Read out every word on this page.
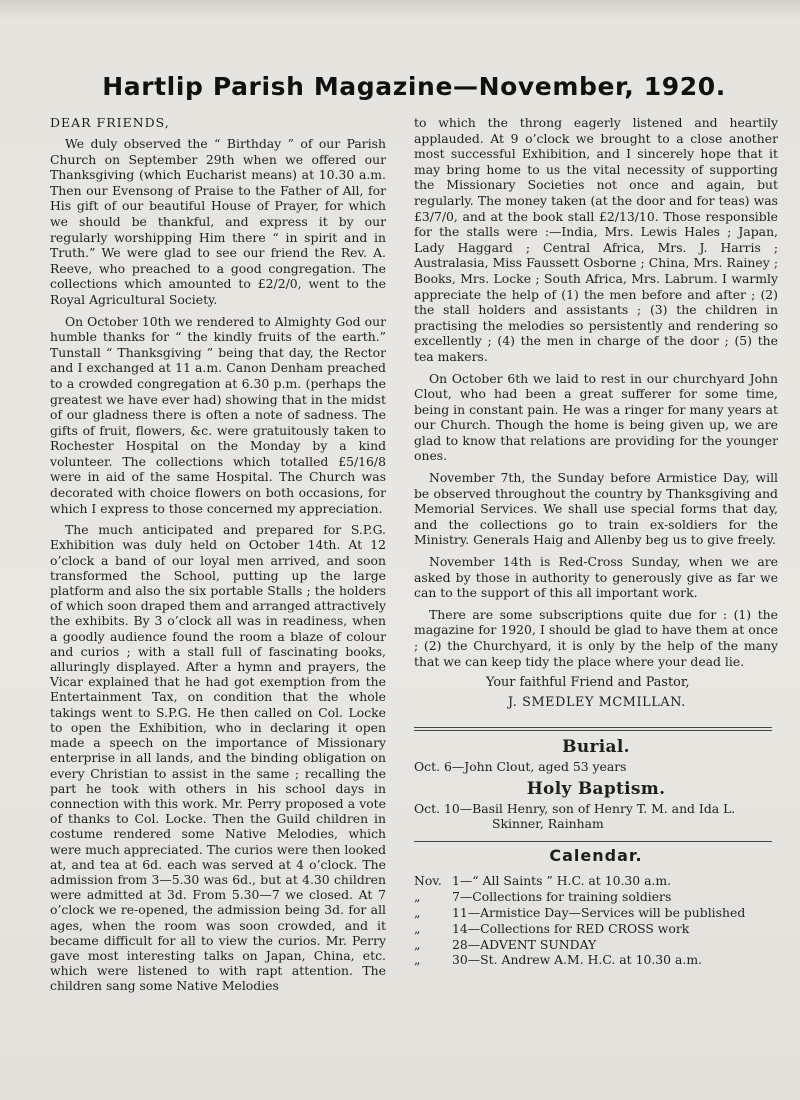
Hartlip Parish Magazine—November, 1920.
DEAR FRIENDS,

We duly observed the “ Birthday ” of our Parish Church on September 29th when we offered our Thanksgiving (which Eucharist means) at 10.30 a.m. Then our Evensong of Praise to the Father of All, for His gift of our beautiful House of Prayer, for which we should be thankful, and express it by our regularly worshipping Him there “ in spirit and in Truth.” We were glad to see our friend the Rev. A. Reeve, who preached to a good congregation. The collections which amounted to £2/2/0, went to the Royal Agricultural Society.

On October 10th we rendered to Almighty God our humble thanks for “ the kindly fruits of the earth.” Tunstall “ Thanksgiving ” being that day, the Rector and I exchanged at 11 a.m. Canon Denham preached to a crowded congregation at 6.30 p.m. (perhaps the greatest we have ever had) showing that in the midst of our gladness there is often a note of sadness. The gifts of fruit, flowers, &c. were gratuitously taken to Rochester Hospital on the Monday by a kind volunteer. The collections which totalled £5/16/8 were in aid of the same Hospital. The Church was decorated with choice flowers on both occasions, for which I express to those concerned my appreciation.

The much anticipated and prepared for S.P.G. Exhibition was duly held on October 14th. At 12 o’clock a band of our loyal men arrived, and soon transformed the School, putting up the large platform and also the six portable Stalls ; the holders of which soon draped them and arranged attractively the exhibits. By 3 o’clock all was in readiness, when a goodly audience found the room a blaze of colour and curios ; with a stall full of fascinating books, alluringly displayed. After a hymn and prayers, the Vicar explained that he had got exemption from the Entertainment Tax, on condition that the whole takings went to S.P.G. He then called on Col. Locke to open the Exhibition, who in declaring it open made a speech on the importance of Missionary enterprise in all lands, and the binding obligation on every Christian to assist in the same ; recalling the part he took with others in his school days in connection with this work. Mr. Perry proposed a vote of thanks to Col. Locke. Then the Guild children in costume rendered some Native Melodies, which were much appreciated. The curios were then looked at, and tea at 6d. each was served at 4 o’clock. The admission from 3—5.30 was 6d., but at 4.30 children were admitted at 3d. From 5.30—7 we closed. At 7 o’clock we re-opened, the admission being 3d. for all ages, when the room was soon crowded, and it became difficult for all to view the curios. Mr. Perry gave most interesting talks on Japan, China, etc. which were listened to with rapt attention. The children sang some Native Melodies

to which the throng eagerly listened and heartily applauded. At 9 o’clock we brought to a close another most successful Exhibition, and I sincerely hope that it may bring home to us the vital necessity of supporting the Missionary Societies not once and again, but regularly. The money taken (at the door and for teas) was £3/7/0, and at the book stall £2/13/10. Those responsible for the stalls were :—India, Mrs. Lewis Hales ; Japan, Lady Haggard ; Central Africa, Mrs. J. Harris ; Australasia, Miss Faussett Osborne ; China, Mrs. Rainey ; Books, Mrs. Locke ; South Africa, Mrs. Labrum. I warmly appreciate the help of (1) the men before and after ; (2) the stall holders and assistants ; (3) the children in practising the melodies so persistently and rendering so excellently ; (4) the men in charge of the door ; (5) the tea makers.

On October 6th we laid to rest in our churchyard John Clout, who had been a great sufferer for some time, being in constant pain. He was a ringer for many years at our Church. Though the home is being given up, we are glad to know that relations are providing for the younger ones.

November 7th, the Sunday before Armistice Day, will be observed throughout the country by Thanksgiving and Memorial Services. We shall use special forms that day, and the collections go to train ex-soldiers for the Ministry. Generals Haig and Allenby beg us to give freely.

November 14th is Red-Cross Sunday, when we are asked by those in authority to generously give as far we can to the support of this all important work.

There are some subscriptions quite due for : (1) the magazine for 1920, I should be glad to have them at once ; (2) the Churchyard, it is only by the help of the many that we can keep tidy the place where your dead lie.

Your faithful Friend and Pastor,
J. SMEDLEY MCMILLAN.
Burial.
Oct. 6—John Clout, aged 53 years
Holy Baptism.
Oct. 10—Basil Henry, son of Henry T. M. and Ida L. Skinner, Rainham
Calendar.
Nov. 1—“ All Saints ” H.C. at 10.30 a.m.
„	7—Collections for training soldiers
„	11—Armistice Day—Services will be published
„	14—Collections for RED CROSS work
„	28—ADVENT SUNDAY
„	30—St. Andrew A.M. H.C. at 10.30 a.m.
